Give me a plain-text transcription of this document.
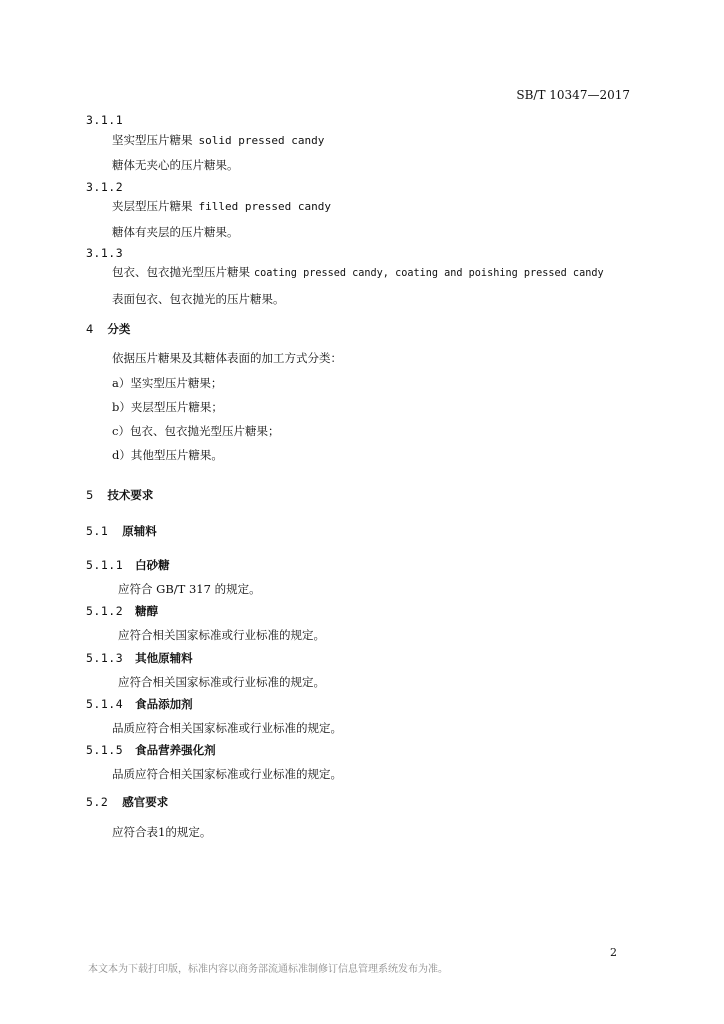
SB/T 10347—2017
3.1.1
坚实型压片糖果 solid pressed candy
糖体无夹心的压片糖果。
3.1.2
夹层型压片糖果 filled pressed candy
糖体有夹层的压片糖果。
3.1.3
包衣、包衣抛光型压片糖果 coating pressed candy, coating and poishing pressed candy
表面包衣、包衣抛光的压片糖果。
4 分类
依据压片糖果及其糖体表面的加工方式分类：
a）坚实型压片糖果；
b）夹层型压片糖果；
c）包衣、包衣抛光型压片糖果；
d）其他型压片糖果。
5 技术要求
5.1 原辅料
5.1.1 白砂糖
应符合 GB/T 317 的规定。
5.1.2 糖醇
应符合相关国家标准或行业标准的规定。
5.1.3 其他原辅料
应符合相关国家标准或行业标准的规定。
5.1.4 食品添加剂
品质应符合相关国家标准或行业标准的规定。
5.1.5 食品营养强化剂
品质应符合相关国家标准或行业标准的规定。
5.2 感官要求
应符合表1的规定。
2
本文本为下载打印版，标准内容以商务部流通标准制修订信息管理系统发布为准。
